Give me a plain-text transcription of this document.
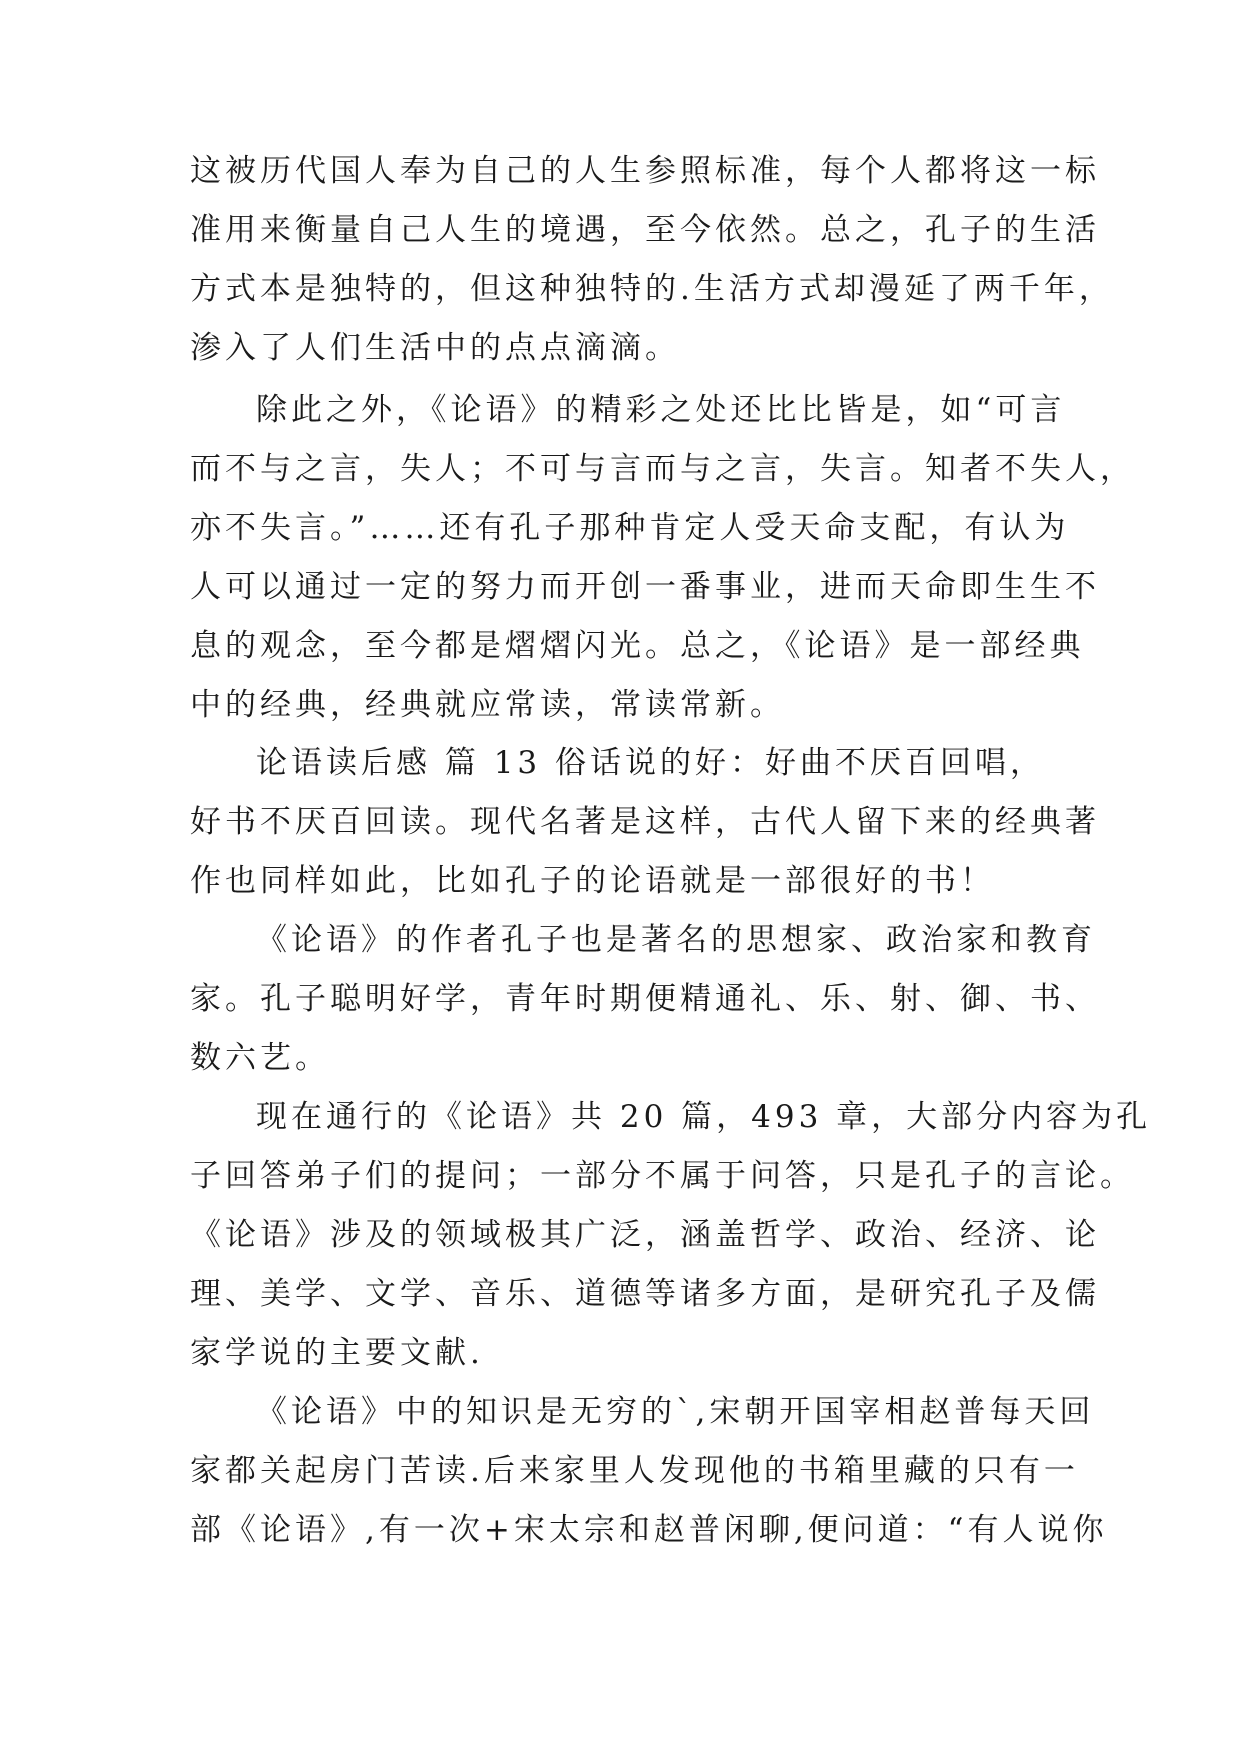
这被历代国人奉为自己的人生参照标准，每个人都将这一标
准用来衡量自己人生的境遇，至今依然。总之，孔子的生活
方式本是独特的，但这种独特的.生活方式却漫延了两千年，
渗入了人们生活中的点点滴滴。
除此之外，《论语》的精彩之处还比比皆是，如“可言
而不与之言，失人；不可与言而与之言，失言。知者不失人，
亦不失言。”……还有孔子那种肯定人受天命支配，有认为
人可以通过一定的努力而开创一番事业，进而天命即生生不
息的观念，至今都是熠熠闪光。总之，《论语》是一部经典
中的经典，经典就应常读，常读常新。
论语读后感 篇 13 俗话说的好：好曲不厌百回唱，
好书不厌百回读。现代名著是这样，古代人留下来的经典著
作也同样如此，比如孔子的论语就是一部很好的书！
《论语》的作者孔子也是著名的思想家、政治家和教育
家。孔子聪明好学，青年时期便精通礼、乐、射、御、书、
数六艺。
现在通行的《论语》共 20 篇，493 章，大部分内容为孔
子回答弟子们的提问；一部分不属于问答，只是孔子的言论。
《论语》涉及的领域极其广泛，涵盖哲学、政治、经济、论
理、美学、文学、音乐、道德等诸多方面，是研究孔子及儒
家学说的主要文献.
《论语》中的知识是无穷的`,宋朝开国宰相赵普每天回
家都关起房门苦读.后来家里人发现他的书箱里藏的只有一
部《论语》,有一次+宋太宗和赵普闲聊,便问道：“有人说你
